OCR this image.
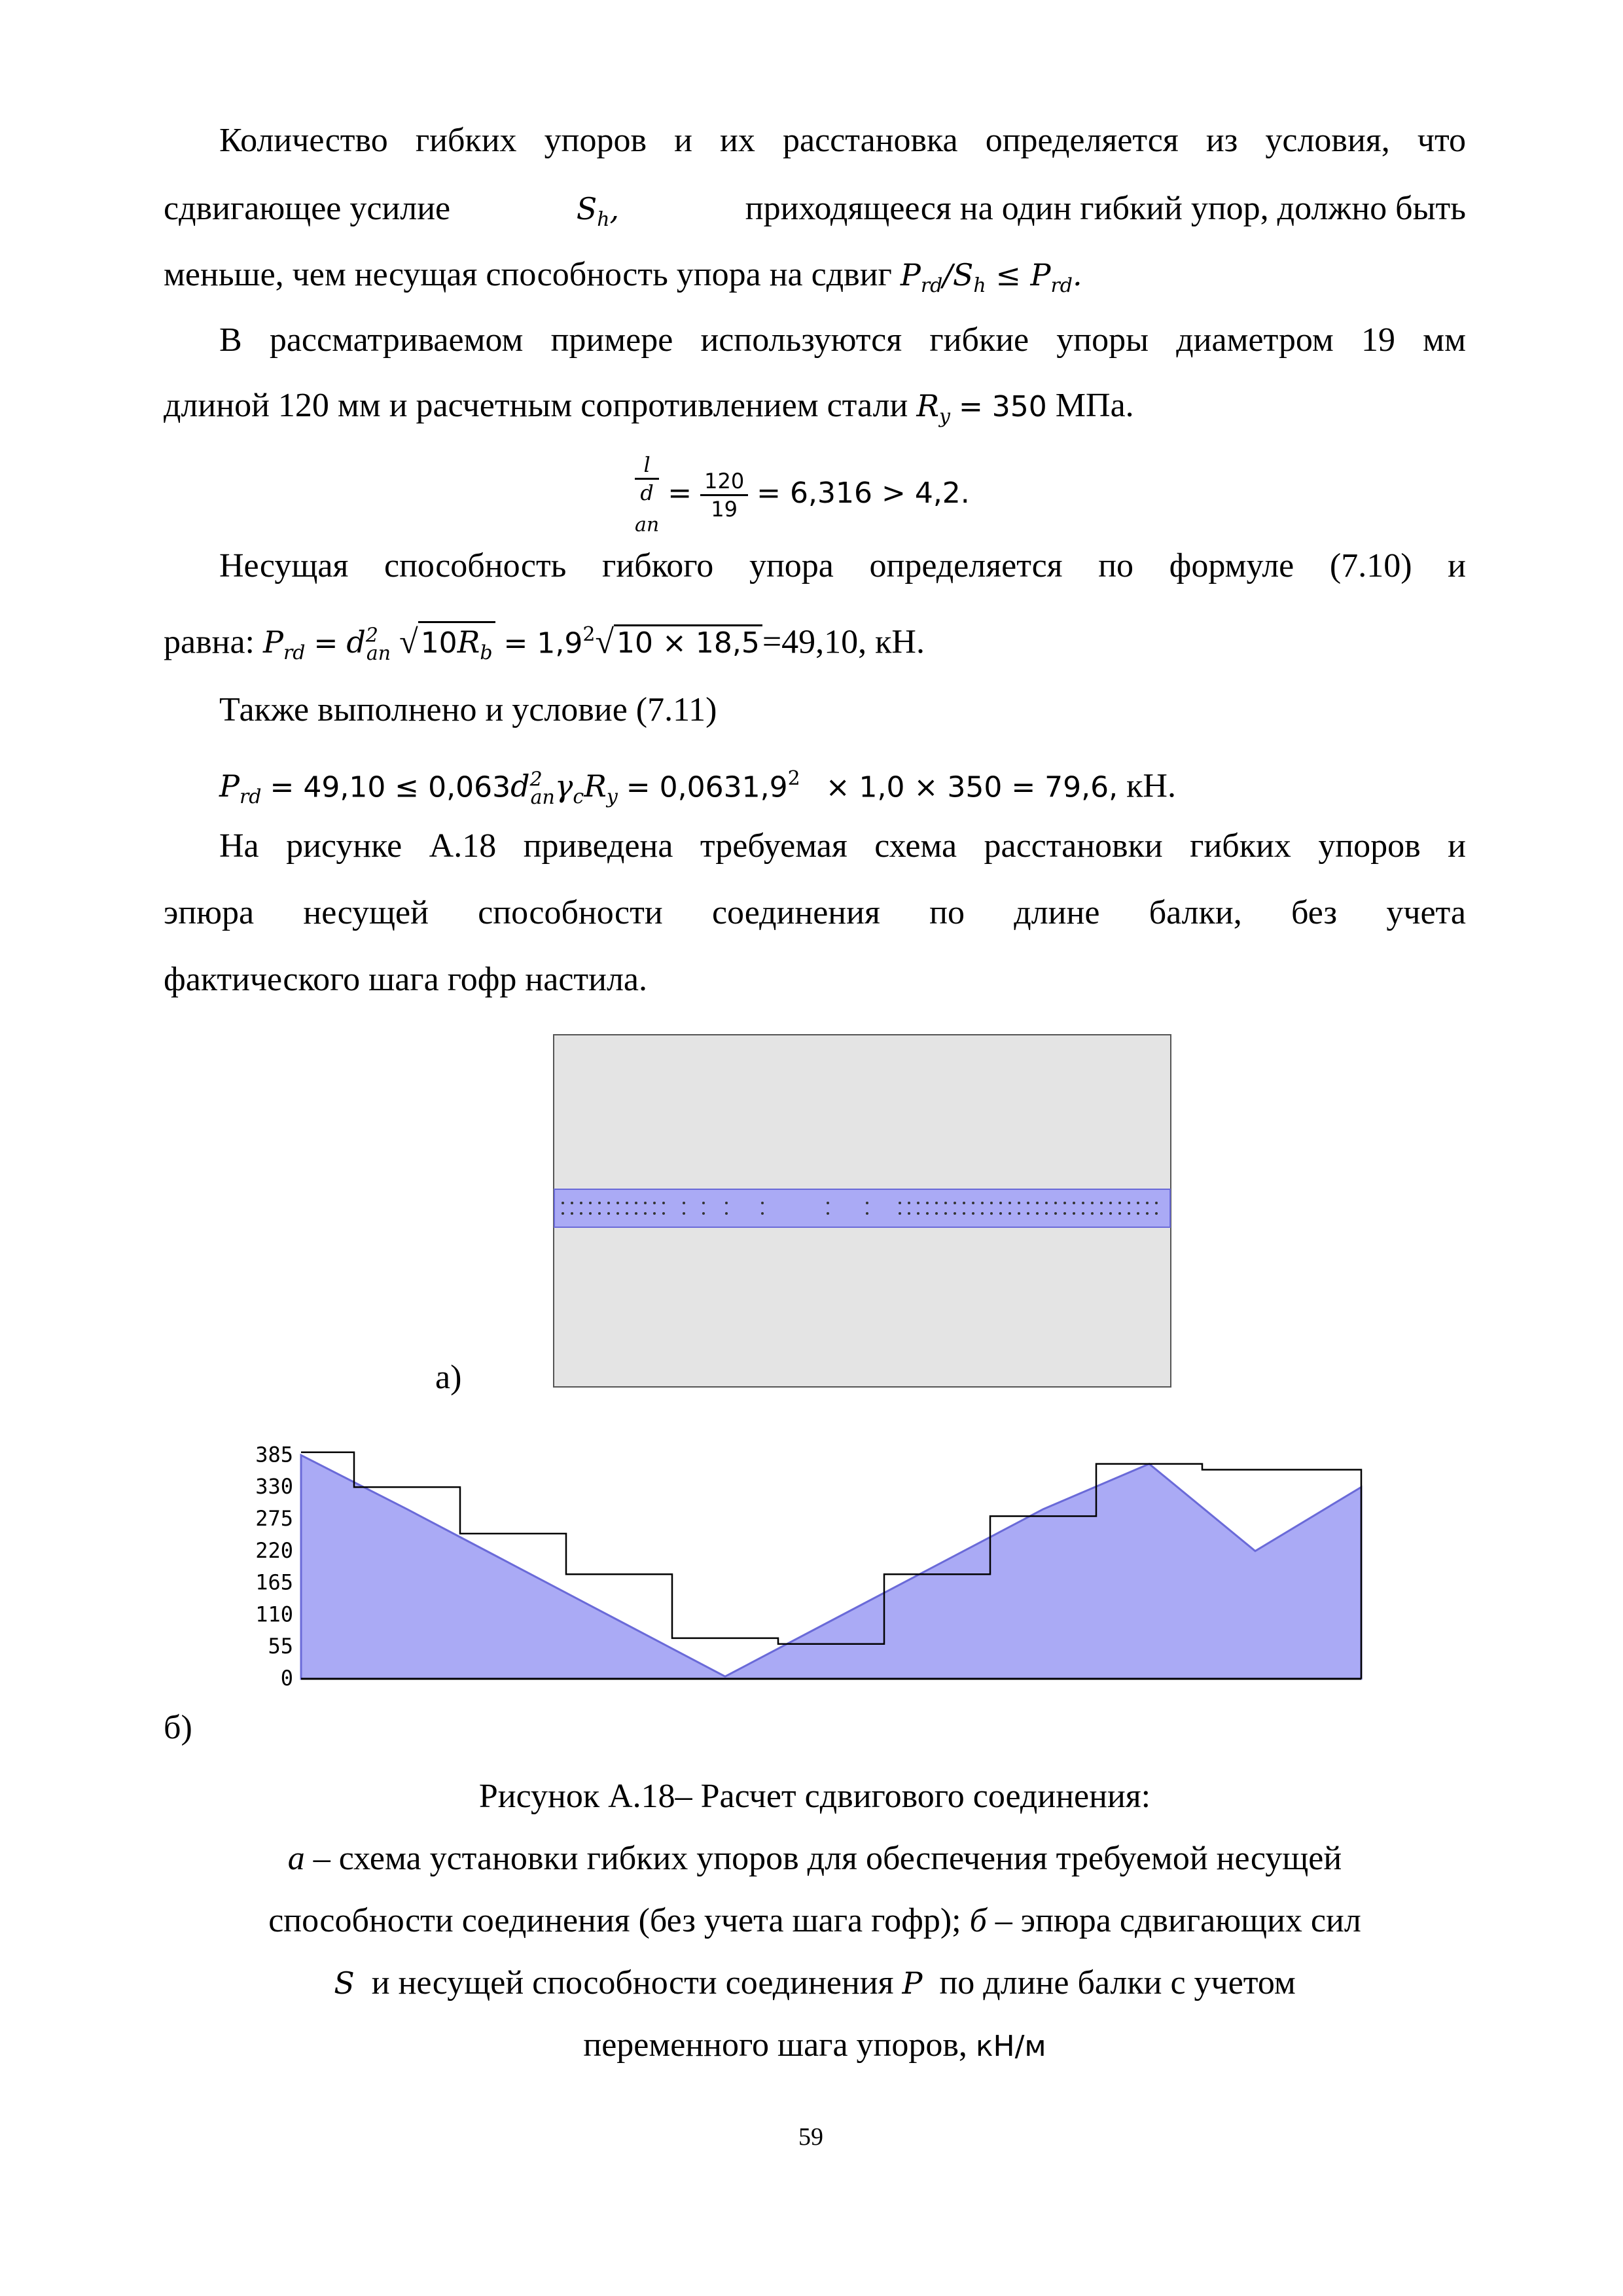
Количество гибких упоров и их расстановка определяется из условия, что
сдвигающее усилие	$S_h$,	приходящееся на один гибкий упор, должно быть
меньше, чем несущая способность упора на сдвиг $P_{rd}/S_h \le P_{rd}$.
В рассматриваемом примере используются гибкие упоры диаметром 19 мм
длиной 120 мм и расчетным сопротивлением стали $R_y = 350$ МПа.
l
d
$_{an} = \frac{120}{19} = 6,316 > 4,2$.
Несущая способность гибкого упора определяется по формуле (7.10) и
равна: $P_{rd} = d^2_{an}$ $√10R_b = 1,9^2√10 \times 18,5=49,10$, кН.
Также выполнено и условие (7.11)
$P_{rd} = 49,10 \le 0,063d^2_{an}\gamma_cR_y = 0,0631,9^2 \times 1,0 \times 350 = 79,6$, кН.
На рисунке А.18 приведена требуемая схема расстановки гибких упоров и
эпюра несущей способности соединения по длине балки, без учета
фактического шага гофр настила.
а)
385
330
275
220
165
110
55
0
б)
Рисунок А.18– Расчет сдвигового соединения:
а – схема установки гибких упоров для обеспечения требуемой несущей
способности соединения (без учета шага гофр); б – эпюра сдвигающих сил
S и несущей способности соединения P по длине балки с учетом
переменного шага упоров, кН/м
59
